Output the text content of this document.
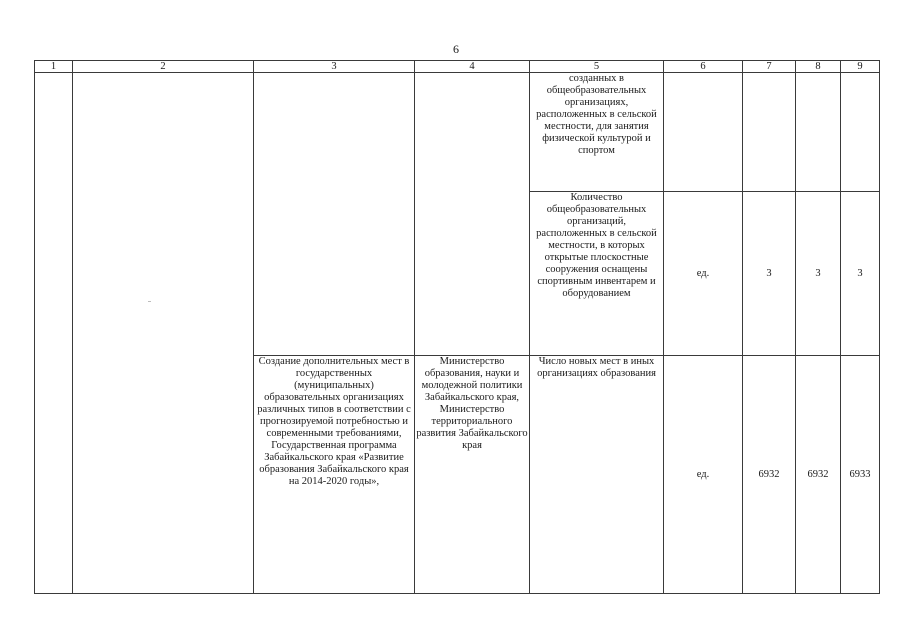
6
1	2	3	4	5	6	7	8	9
				созданных в общеобразовательных организациях, расположенных в сельской местности, для занятия физической культурой и спортом				
				Количество общеобразовательных организаций, расположенных в сельской местности, в которых открытые плоскостные сооружения оснащены спортивным инвентарем и оборудованием	ед.	3	3	3
		Создание дополнительных мест в государственных (муниципальных) образовательных организациях различных типов в соответствии с прогнозируемой потребностью и современными требованиями, Государственная программа Забайкальского края «Развитие образования Забайкальского края на 2014-2020 годы»,	Министерство образования, науки и молодежной политики Забайкальского края, Министерство территориального развития Забайкальского края	Число новых мест в иных организациях образования	ед.	6932	6932	6933
